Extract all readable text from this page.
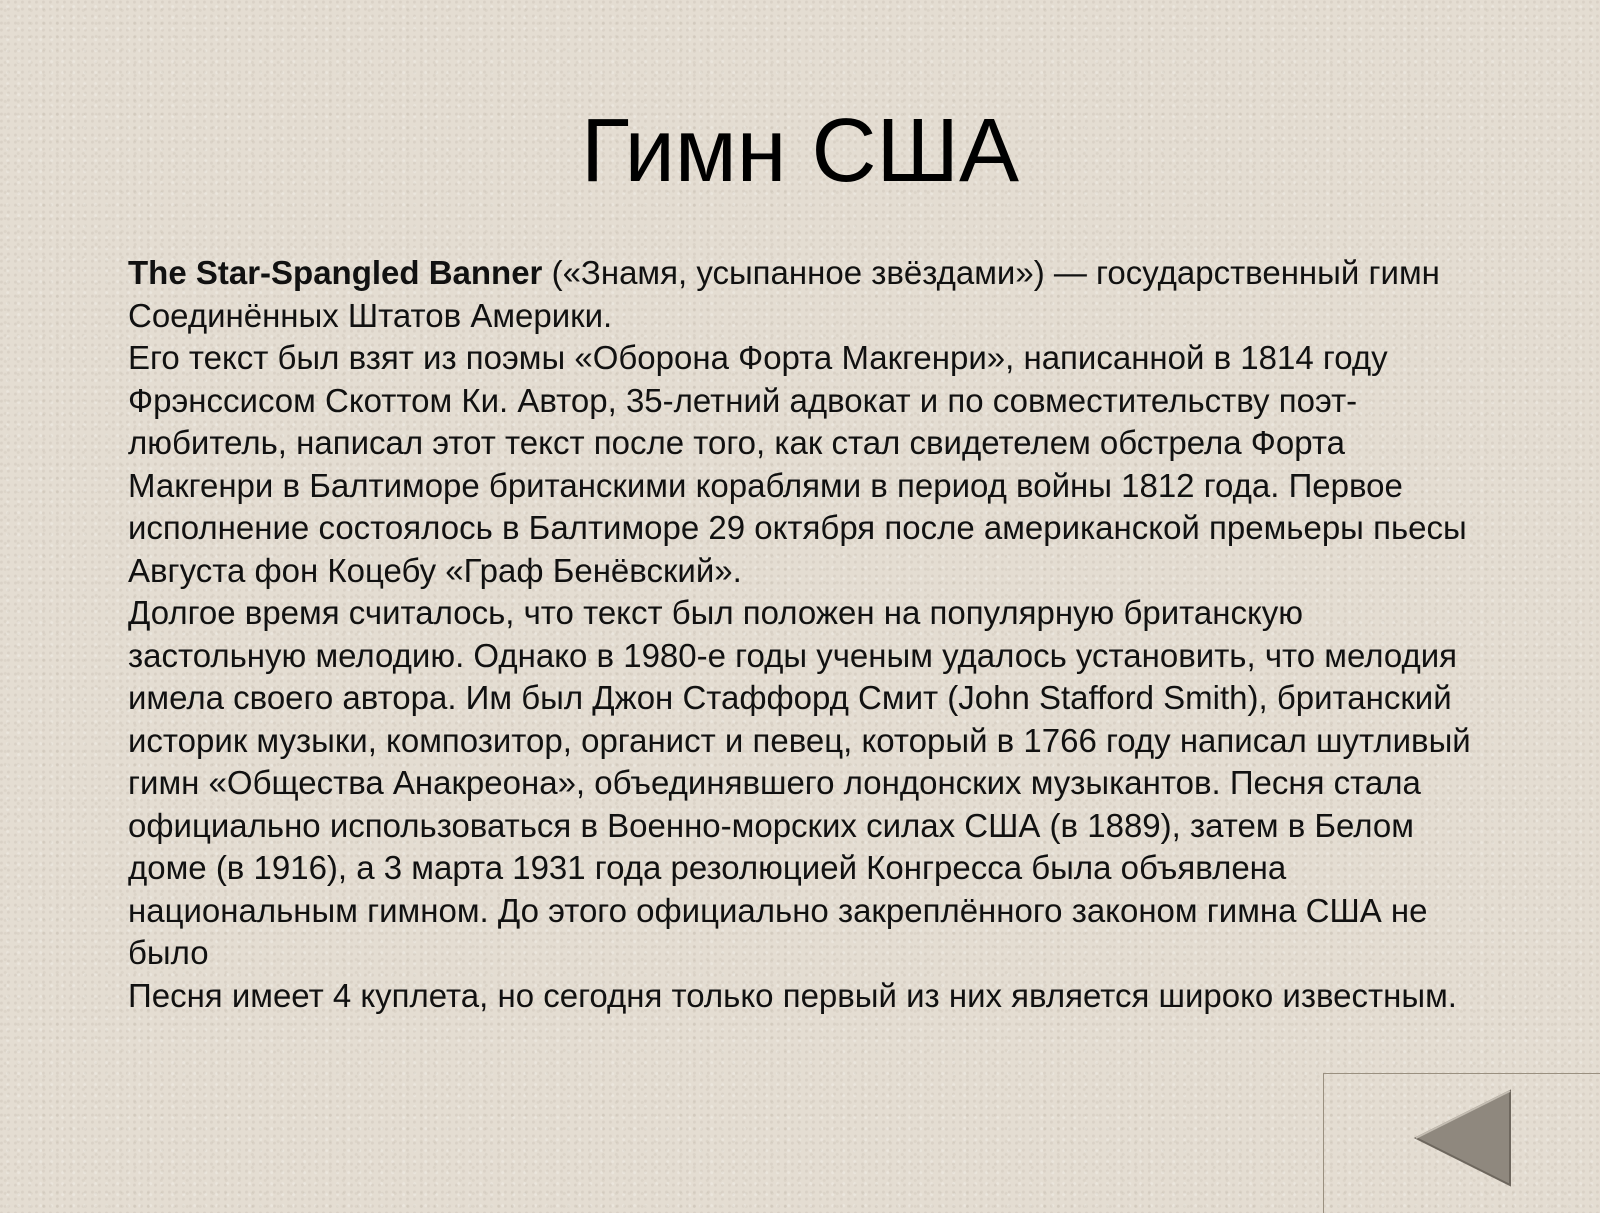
Гимн США
The Star-Spangled Banner («Знамя, усыпанное звёздами») — государственный гимн Соединённых Штатов Америки.
Его текст был взят из поэмы «Оборона Форта Макгенри», написанной в 1814 году Фрэнссисом Скоттом Ки. Автор, 35-летний адвокат и по совместительству поэт-любитель, написал этот текст после того, как стал свидетелем обстрела Форта Макгенри в Балтиморе британскими кораблями в период войны 1812 года. Первое исполнение состоялось в Балтиморе 29 октября после американской премьеры пьесы Августа фон Коцебу «Граф Бенёвский».
Долгое время считалось, что текст был положен на популярную британскую застольную мелодию. Однако в 1980-е годы ученым удалось установить, что мелодия имела своего автора. Им был Джон Стаффорд Смит (John Stafford Smith), британский историк музыки, композитор, органист и певец, который в 1766 году написал шутливый гимн «Общества Анакреона», объединявшего лондонских музыкантов. Песня стала официально использоваться в Военно-морских силах США (в 1889), затем в Белом доме (в 1916), а 3 марта 1931 года резолюцией Конгресса была объявлена национальным гимном. До этого официально закреплённого законом гимна США не было
Песня имеет 4 куплета, но сегодня только первый из них является широко известным.
